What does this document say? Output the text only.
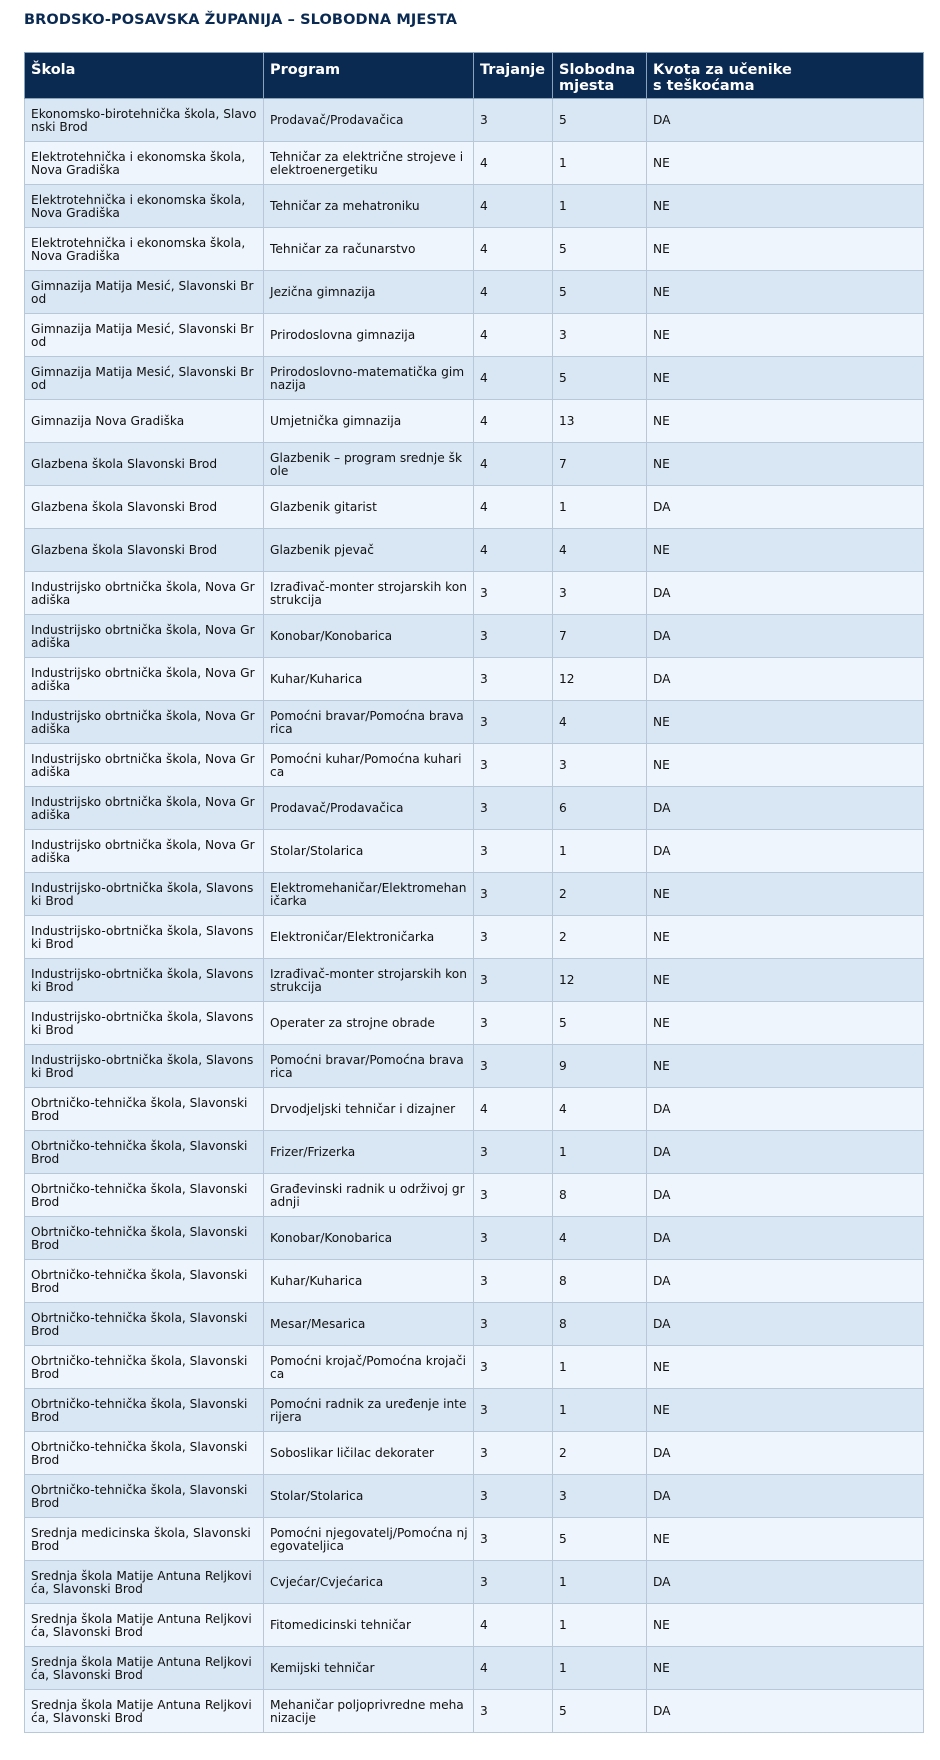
BRODSKO-POSAVSKA ŽUPANIJA – SLOBODNA MJESTA
Škola	Program	Trajanje	Slobodna mjesta	Kvota za učenike s teškoćama
Ekonomsko-birotehnička škola, Slavonski Brod	Prodavač/Prodavačica	3	5	DA
Elektrotehnička i ekonomska škola, Nova Gradiška	Tehničar za električne strojeve i elektroenergetiku	4	1	NE
Elektrotehnička i ekonomska škola, Nova Gradiška	Tehničar za mehatroniku	4	1	NE
Elektrotehnička i ekonomska škola, Nova Gradiška	Tehničar za računarstvo	4	5	NE
Gimnazija Matija Mesić, Slavonski Brod	Jezična gimnazija	4	5	NE
Gimnazija Matija Mesić, Slavonski Brod	Prirodoslovna gimnazija	4	3	NE
Gimnazija Matija Mesić, Slavonski Brod	Prirodoslovno-matematička gimnazija	4	5	NE
Gimnazija Nova Gradiška	Umjetnička gimnazija	4	13	NE
Glazbena škola Slavonski Brod	Glazbenik – program srednje škole	4	7	NE
Glazbena škola Slavonski Brod	Glazbenik gitarist	4	1	DA
Glazbena škola Slavonski Brod	Glazbenik pjevač	4	4	NE
Industrijsko obrtnička škola, Nova Gradiška	Izrađivač-monter strojarskih konstrukcija	3	3	DA
Industrijsko obrtnička škola, Nova Gradiška	Konobar/Konobarica	3	7	DA
Industrijsko obrtnička škola, Nova Gradiška	Kuhar/Kuharica	3	12	DA
Industrijsko obrtnička škola, Nova Gradiška	Pomoćni bravar/Pomoćna bravarica	3	4	NE
Industrijsko obrtnička škola, Nova Gradiška	Pomoćni kuhar/Pomoćna kuharica	3	3	NE
Industrijsko obrtnička škola, Nova Gradiška	Prodavač/Prodavačica	3	6	DA
Industrijsko obrtnička škola, Nova Gradiška	Stolar/Stolarica	3	1	DA
Industrijsko-obrtnička škola, Slavonski Brod	Elektromehaničar/Elektromehaničarka	3	2	NE
Industrijsko-obrtnička škola, Slavonski Brod	Elektroničar/Elektroničarka	3	2	NE
Industrijsko-obrtnička škola, Slavonski Brod	Izrađivač-monter strojarskih konstrukcija	3	12	NE
Industrijsko-obrtnička škola, Slavonski Brod	Operater za strojne obrade	3	5	NE
Industrijsko-obrtnička škola, Slavonski Brod	Pomoćni bravar/Pomoćna bravarica	3	9	NE
Obrtničko-tehnička škola, Slavonski Brod	Drvodjeljski tehničar i dizajner	4	4	DA
Obrtničko-tehnička škola, Slavonski Brod	Frizer/Frizerka	3	1	DA
Obrtničko-tehnička škola, Slavonski Brod	Građevinski radnik u održivoj gradnji	3	8	DA
Obrtničko-tehnička škola, Slavonski Brod	Konobar/Konobarica	3	4	DA
Obrtničko-tehnička škola, Slavonski Brod	Kuhar/Kuharica	3	8	DA
Obrtničko-tehnička škola, Slavonski Brod	Mesar/Mesarica	3	8	DA
Obrtničko-tehnička škola, Slavonski Brod	Pomoćni krojač/Pomoćna krojačica	3	1	NE
Obrtničko-tehnička škola, Slavonski Brod	Pomoćni radnik za uređenje interijera	3	1	NE
Obrtničko-tehnička škola, Slavonski Brod	Soboslikar ličilac dekorater	3	2	DA
Obrtničko-tehnička škola, Slavonski Brod	Stolar/Stolarica	3	3	DA
Srednja medicinska škola, Slavonski Brod	Pomoćni njegovatelj/Pomoćna njegovateljica	3	5	NE
Srednja škola Matije Antuna Reljkovića, Slavonski Brod	Cvjećar/Cvjećarica	3	1	DA
Srednja škola Matije Antuna Reljkovića, Slavonski Brod	Fitomedicinski tehničar	4	1	NE
Srednja škola Matije Antuna Reljkovića, Slavonski Brod	Kemijski tehničar	4	1	NE
Srednja škola Matije Antuna Reljkovića, Slavonski Brod	Mehaničar poljoprivredne mehanizacije	3	5	DA
